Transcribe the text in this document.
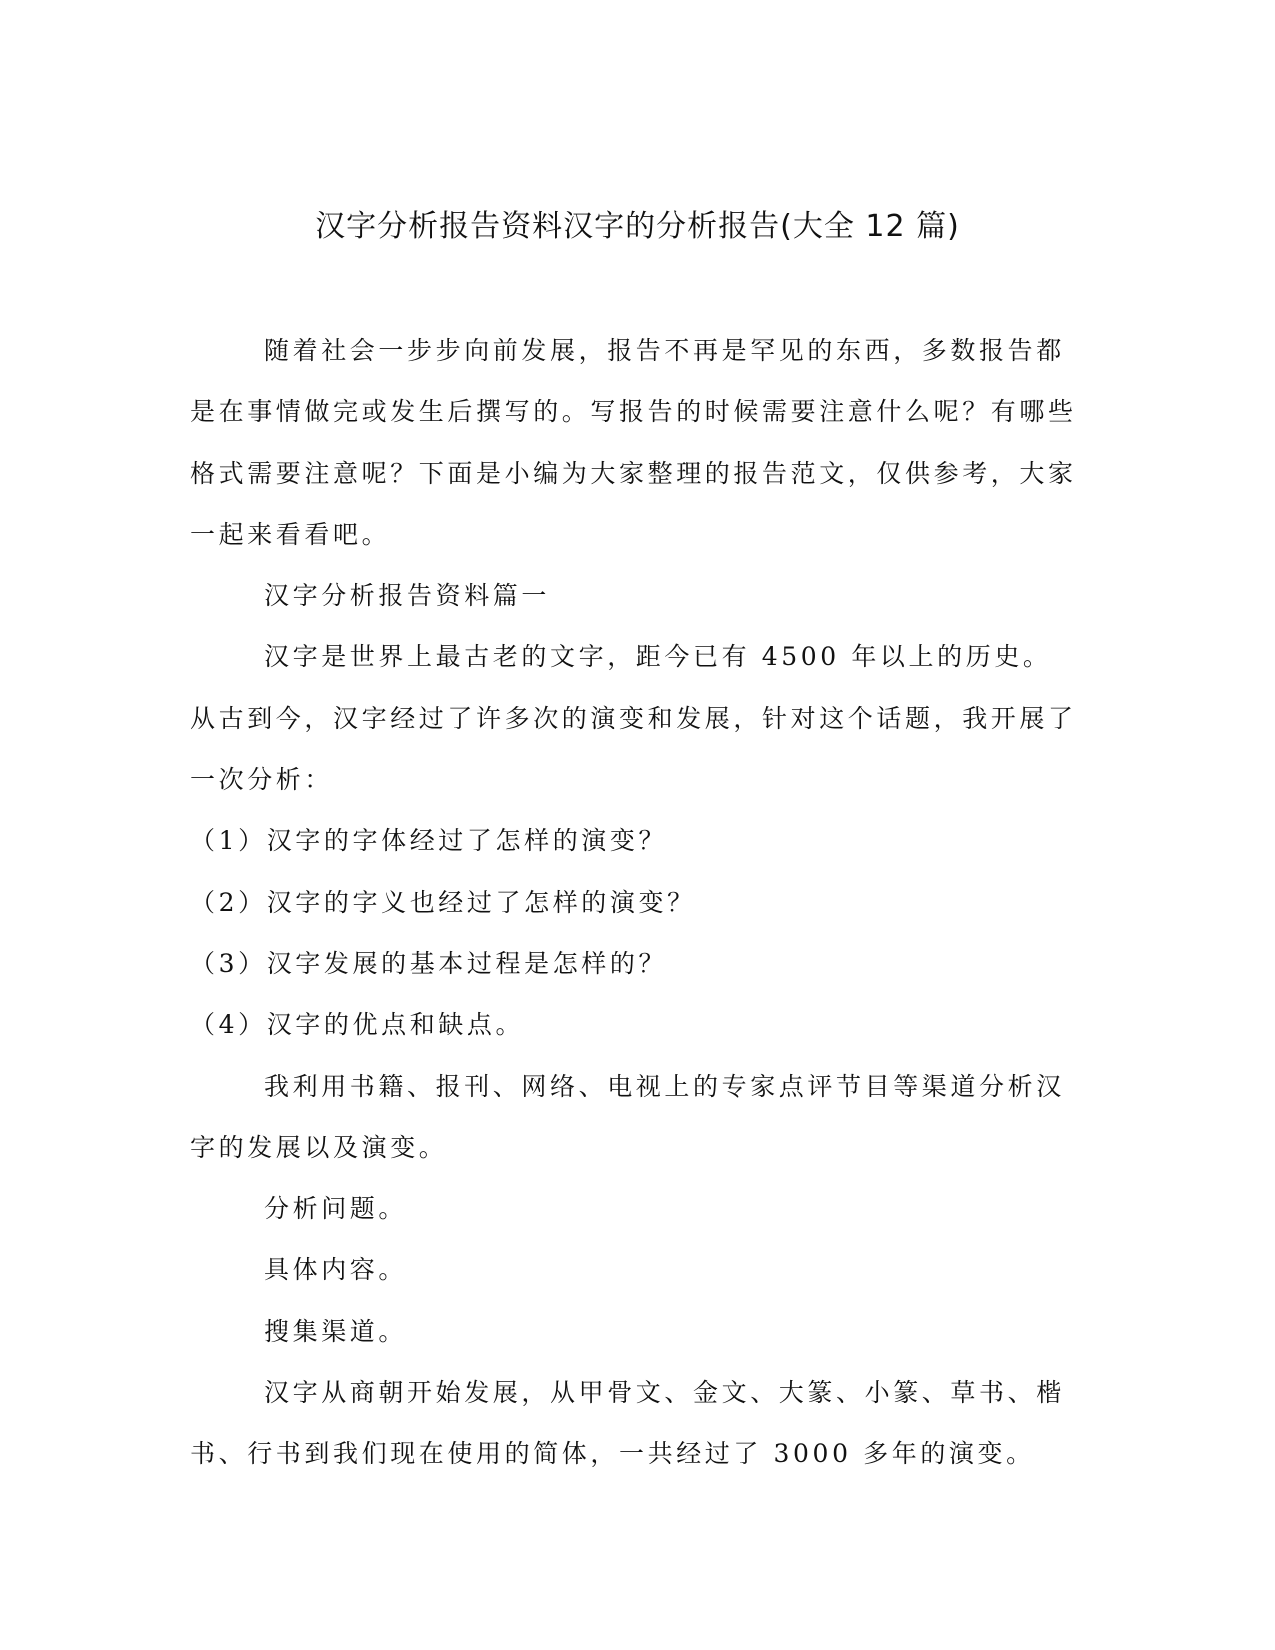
汉字分析报告资料汉字的分析报告(大全 12 篇)

随着社会一步步向前发展，报告不再是罕见的东西，多数报告都是在事情做完或发生后撰写的。写报告的时候需要注意什么呢？有哪些格式需要注意呢？下面是小编为大家整理的报告范文，仅供参考，大家一起来看看吧。

汉字分析报告资料篇一

汉字是世界上最古老的文字，距今已有 4500 年以上的历史。从古到今，汉字经过了许多次的演变和发展，针对这个话题，我开展了一次分析：

（1）汉字的字体经过了怎样的演变？

（2）汉字的字义也经过了怎样的演变？

（3）汉字发展的基本过程是怎样的？

（4）汉字的优点和缺点。

我利用书籍、报刊、网络、电视上的专家点评节目等渠道分析汉字的发展以及演变。

分析问题。

具体内容。

搜集渠道。

汉字从商朝开始发展，从甲骨文、金文、大篆、小篆、草书、楷书、行书到我们现在使用的简体，一共经过了 3000 多年的演变。
